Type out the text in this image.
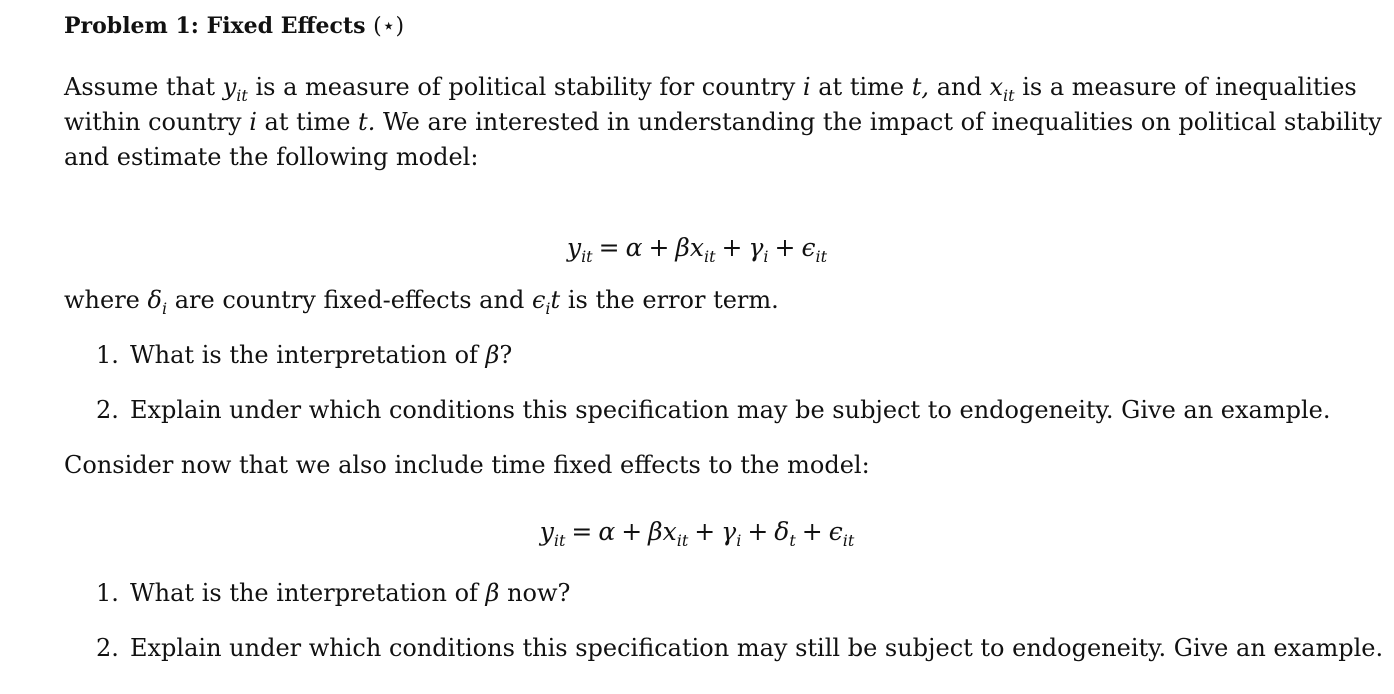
Problem 1: Fixed Effects (⋆)
Assume that $y_{it}$ is a measure of political stability for country i at time t, and $x_{it}$ is a measure of inequalities
within country i at time t. We are interested in understanding the impact of inequalities on political stability
and estimate the following model:
$y_{it} = \alpha + \beta x_{it} + \gamma_i + \epsilon_{it}$
where $\delta_i$ are country fixed-effects and $\epsilon_it$ is the error term.
1. What is the interpretation of β?
2. Explain under which conditions this specification may be subject to endogeneity. Give an example.
Consider now that we also include time fixed effects to the model:
$y_{it} = \alpha + \beta x_{it} + \gamma_i + \delta_t + \epsilon_{it}$
1. What is the interpretation of β now?
2. Explain under which conditions this specification may still be subject to endogeneity. Give an example.
